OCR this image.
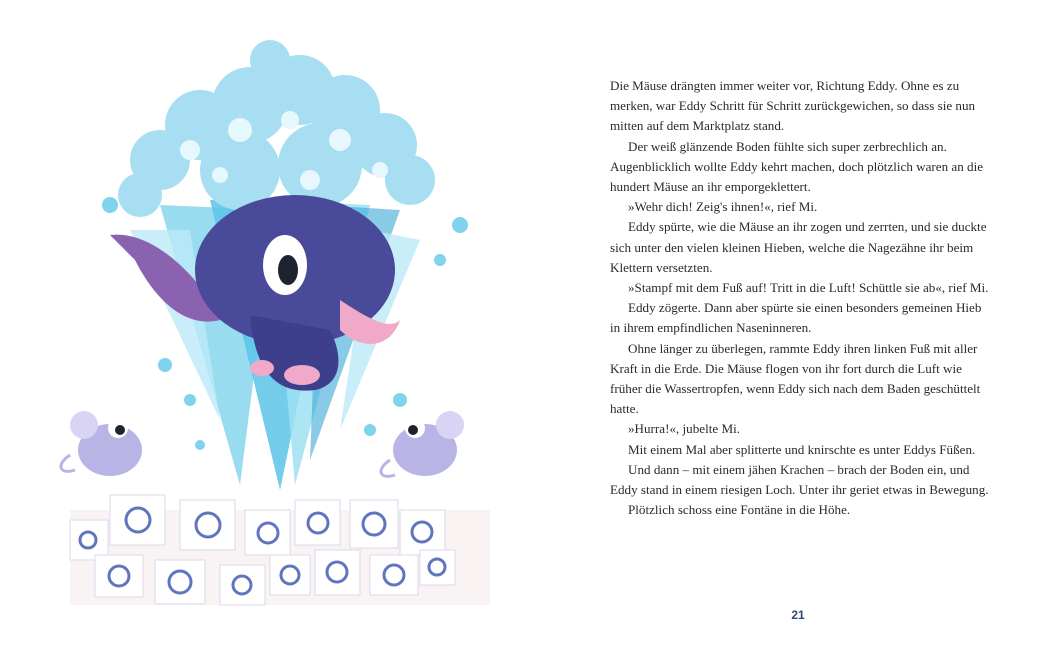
Die Mäuse drängten immer weiter vor, Richtung Eddy. Ohne es zu merken, war Eddy Schritt für Schritt zurückgewichen, so dass sie nun mitten auf dem Marktplatz stand.

Der weiß glänzende Boden fühlte sich super zerbrechlich an. Augenblicklich wollte Eddy kehrt machen, doch plötzlich waren an die hundert Mäuse an ihr emporgeklettert.

»Wehr dich! Zeig's ihnen!«, rief Mi.

Eddy spürte, wie die Mäuse an ihr zogen und zerrten, und sie duckte sich unter den vielen kleinen Hieben, welche die Nagezähne ihr beim Klettern versetzten.

»Stampf mit dem Fuß auf! Tritt in die Luft! Schüttle sie ab«, rief Mi.

Eddy zögerte. Dann aber spürte sie einen besonders gemeinen Hieb in ihrem empfindlichen Naseninneren.

Ohne länger zu überlegen, rammte Eddy ihren linken Fuß mit aller Kraft in die Erde. Die Mäuse flogen von ihr fort durch die Luft wie früher die Wassertropfen, wenn Eddy sich nach dem Baden geschüttelt hatte.

»Hurra!«, jubelte Mi.

Mit einem Mal aber splitterte und knirschte es unter Eddys Füßen.

Und dann – mit einem jähen Krachen – brach der Boden ein, und Eddy stand in einem riesigen Loch. Unter ihr geriet etwas in Bewegung.

Plötzlich schoss eine Fontäne in die Höhe.

21
